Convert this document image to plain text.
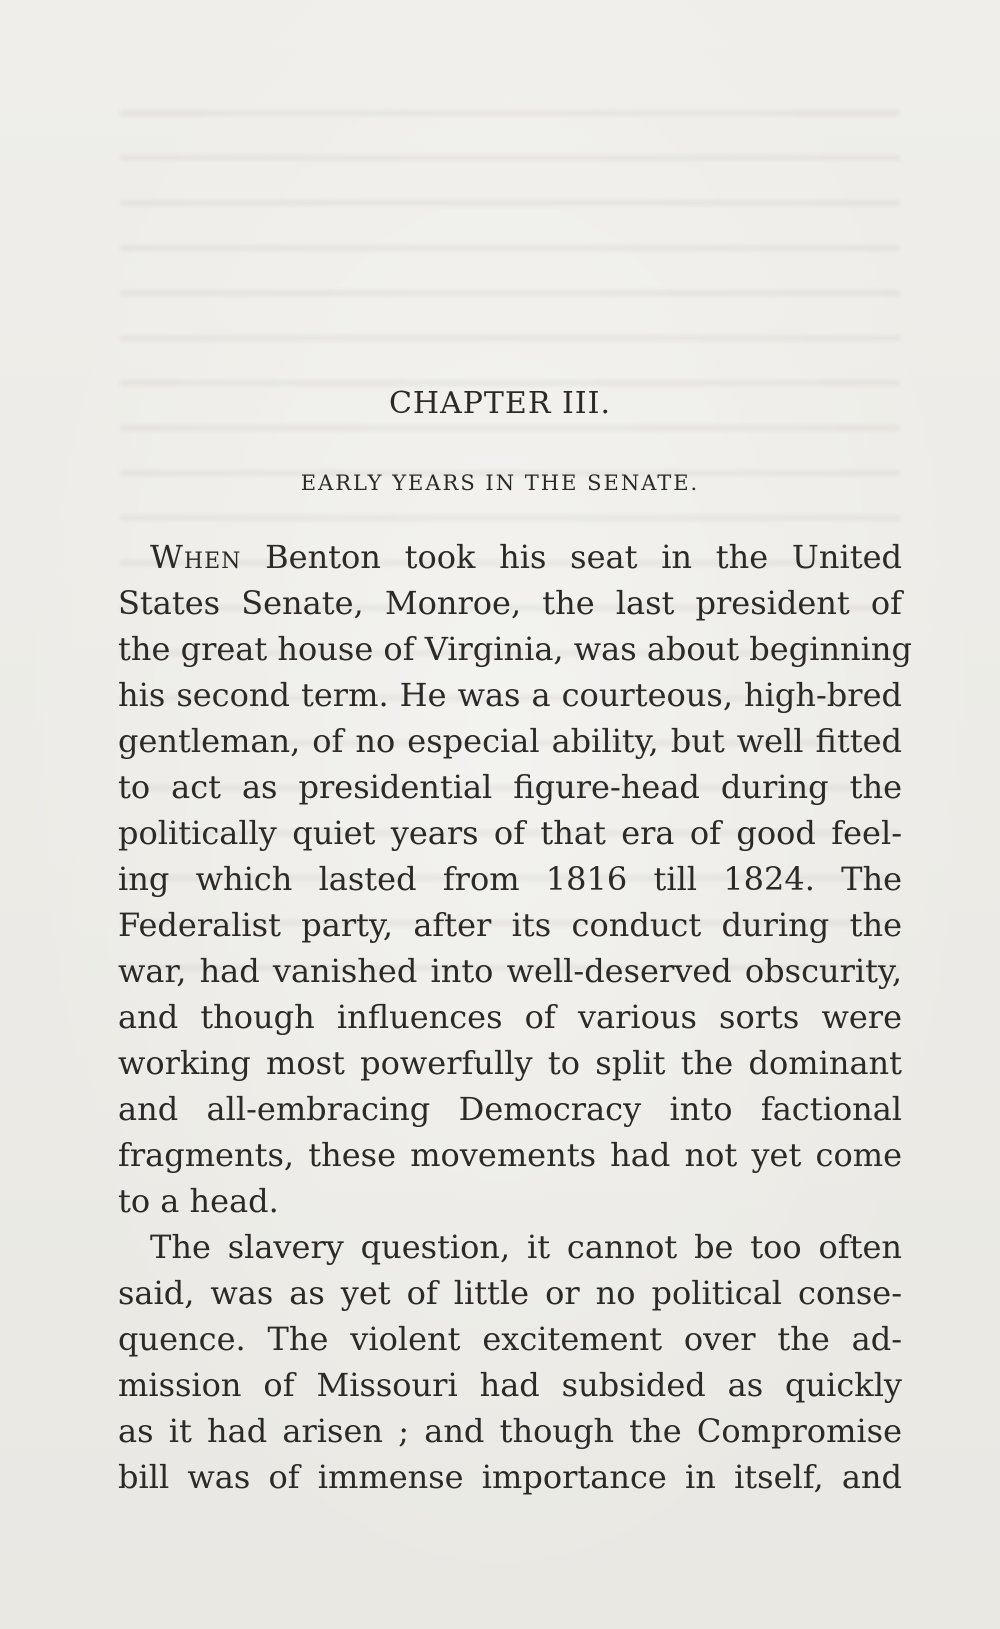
CHAPTER III.
EARLY YEARS IN THE SENATE.
When Benton took his seat in the United
States Senate, Monroe, the last president of
the great house of Virginia, was about beginning
his second term. He was a courteous, high-bred
gentleman, of no especial ability, but well fitted
to act as presidential figure-head during the
politically quiet years of that era of good feel-
ing which lasted from 1816 till 1824. The
Federalist party, after its conduct during the
war, had vanished into well-deserved obscurity,
and though influences of various sorts were
working most powerfully to split the dominant
and all-embracing Democracy into factional
fragments, these movements had not yet come
to a head.
The slavery question, it cannot be too often
said, was as yet of little or no political conse-
quence. The violent excitement over the ad-
mission of Missouri had subsided as quickly
as it had arisen ; and though the Compromise
bill was of immense importance in itself, and
